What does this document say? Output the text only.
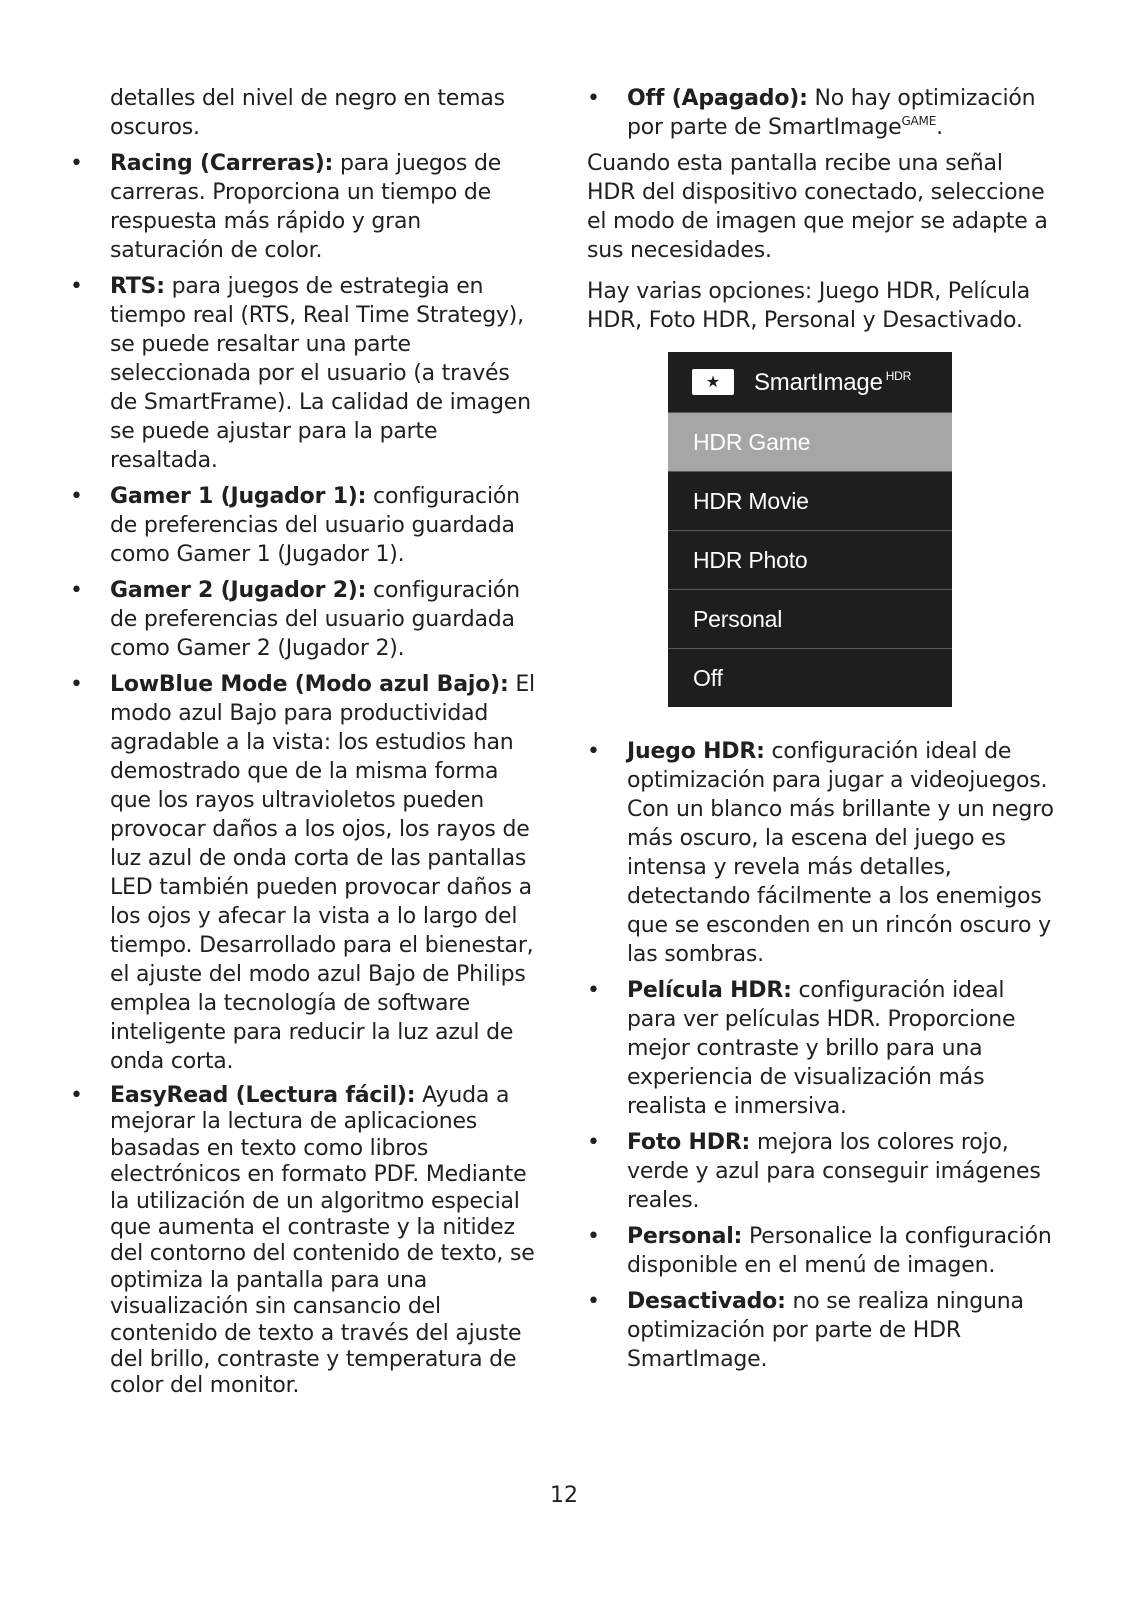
detalles del nivel de negro en temas oscuros.
•	Racing (Carreras): para juegos de carreras. Proporciona un tiempo de respuesta más rápido y gran saturación de color.
•	RTS: para juegos de estrategia en tiempo real (RTS, Real Time Strategy), se puede resaltar una parte seleccionada por el usuario (a través de SmartFrame). La calidad de imagen se puede ajustar para la parte resaltada.
•	Gamer 1 (Jugador 1): configuración de preferencias del usuario guardada como Gamer 1 (Jugador 1).
•	Gamer 2 (Jugador 2): configuración de preferencias del usuario guardada como Gamer 2 (Jugador 2).
•	LowBlue Mode (Modo azul Bajo): El modo azul Bajo para productividad agradable a la vista: los estudios han demostrado que de la misma forma que los rayos ultravioletos pueden provocar daños a los ojos, los rayos de luz azul de onda corta de las pantallas LED también pueden provocar daños a los ojos y afecar la vista a lo largo del tiempo. Desarrollado para el bienestar, el ajuste del modo azul Bajo de Philips emplea la tecnología de software inteligente para reducir la luz azul de onda corta.
•	EasyRead (Lectura fácil): Ayuda a mejorar la lectura de aplicaciones basadas en texto como libros electrónicos en formato PDF. Mediante la utilización de un algoritmo especial que aumenta el contraste y la nitidez del contorno del contenido de texto, se optimiza la pantalla para una visualización sin cansancio del contenido de texto a través del ajuste del brillo, contraste y temperatura de color del monitor.
•	Off (Apagado): No hay optimización por parte de SmartImage$^{GAME}$.

Cuando esta pantalla recibe una señal HDR del dispositivo conectado, seleccione el modo de imagen que mejor se adapte a sus necesidades.

Hay varias opciones: Juego HDR, Película HDR, Foto HDR, Personal y Desactivado.

★	SmartImage $^{HDR}$
HDR Game
HDR Movie
HDR Photo
Personal
Off
•	Juego HDR: configuración ideal de optimización para jugar a videojuegos. Con un blanco más brillante y un negro más oscuro, la escena del juego es intensa y revela más detalles, detectando fácilmente a los enemigos que se esconden en un rincón oscuro y las sombras.
•	Película HDR: configuración ideal para ver películas HDR. Proporcione mejor contraste y brillo para una experiencia de visualización más realista e inmersiva.
•	Foto HDR: mejora los colores rojo, verde y azul para conseguir imágenes reales.
•	Personal: Personalice la configuración disponible en el menú de imagen.
•	Desactivado: no se realiza ninguna optimización por parte de HDR SmartImage.
12
